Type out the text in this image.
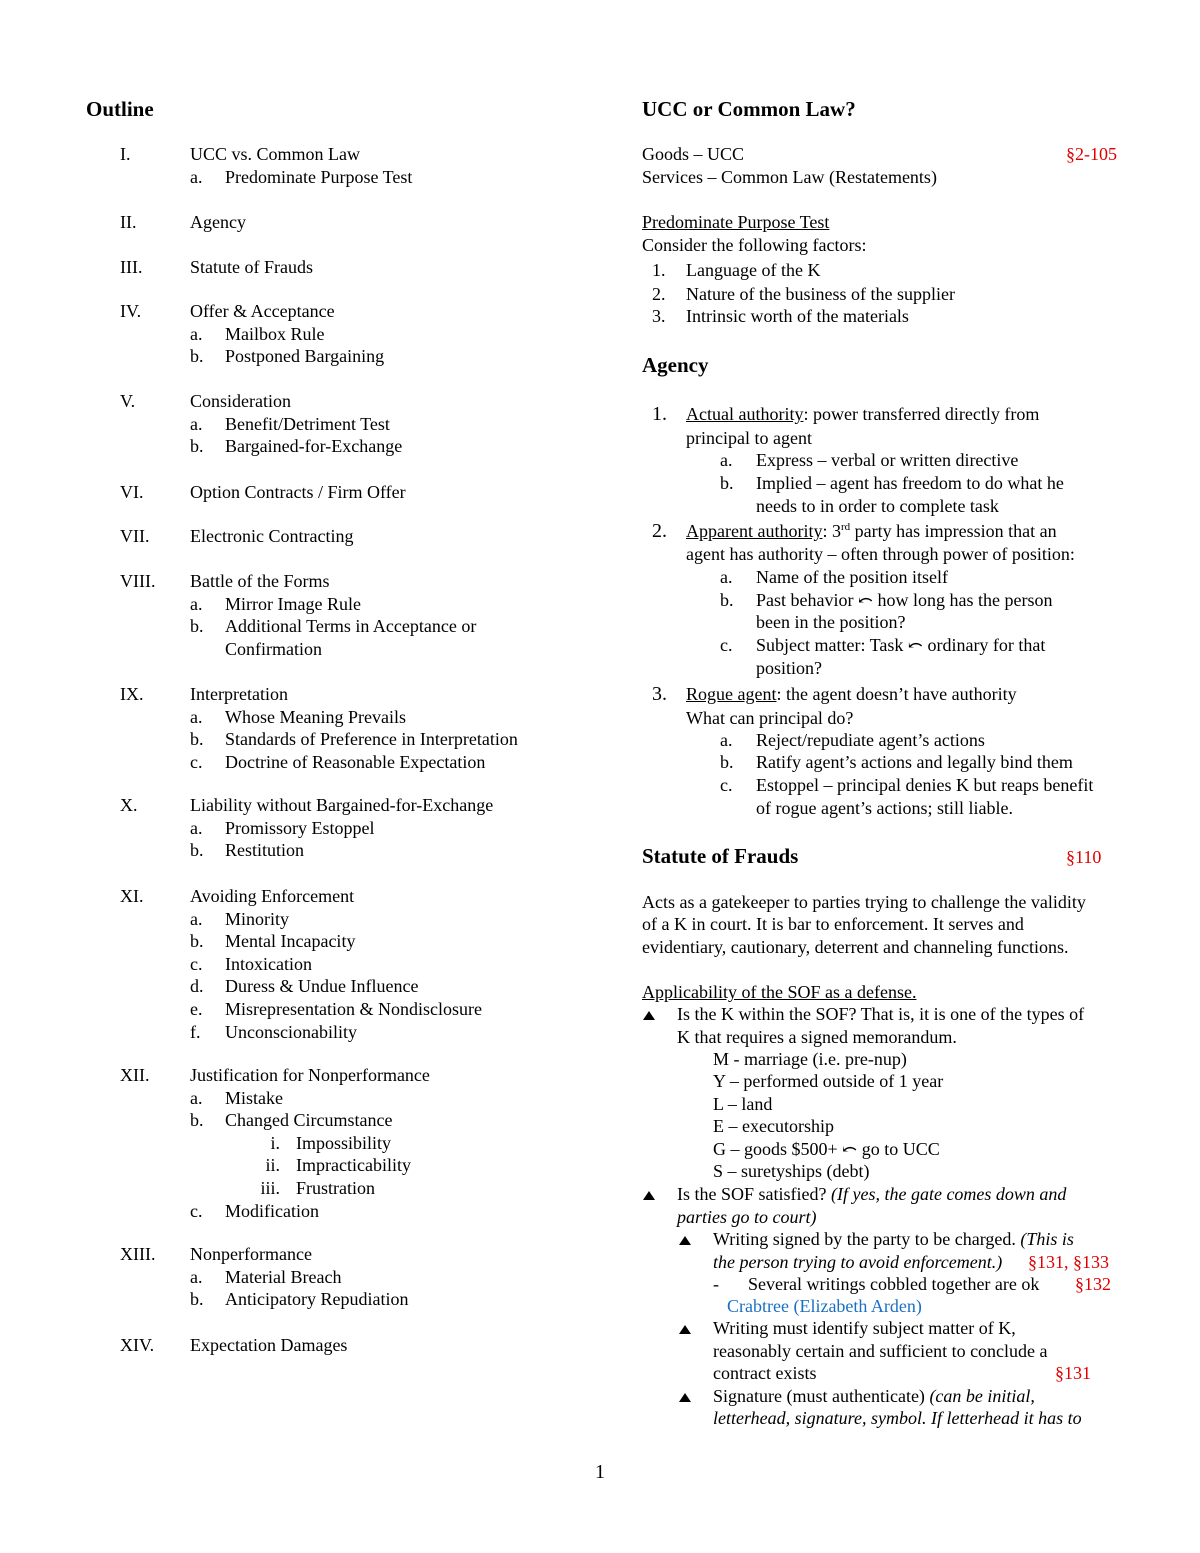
Outline
I.	UCC vs. Common Law
a. Predominate Purpose Test
II.	Agency
III.	Statute of Frauds
IV.	Offer & Acceptance
a. Mailbox Rule
b. Postponed Bargaining
V.	Consideration
a. Benefit/Detriment Test
b. Bargained-for-Exchange
VI.	Option Contracts / Firm Offer
VII. Electronic Contracting
VIII. Battle of the Forms
a. Mirror Image Rule
b. Additional Terms in Acceptance or
Confirmation
IX.	Interpretation
a. Whose Meaning Prevails
b. Standards of Preference in Interpretation
c. Doctrine of Reasonable Expectation
X.	Liability without Bargained-for-Exchange
a. Promissory Estoppel
b. Restitution
XI.	Avoiding Enforcement
a. Minority
b. Mental Incapacity
c. Intoxication
d. Duress & Undue Influence
e. Misrepresentation & Nondisclosure
f. Unconscionability
XII. Justification for Nonperformance
a. Mistake
b. Changed Circumstance
i. Impossibility
ii. Impracticability
iii. Frustration
c. Modification
XIII. Nonperformance
a. Material Breach
b. Anticipatory Repudiation
XIV. Expectation Damages
UCC or Common Law?
Goods – UCC	§2-105
Services – Common Law (Restatements)
Predominate Purpose Test
Consider the following factors:
1. Language of the K
2. Nature of the business of the supplier
3. Intrinsic worth of the materials
Agency
1. Actual authority: power transferred directly from
principal to agent
a. Express – verbal or written directive
b. Implied – agent has freedom to do what he
needs to in order to complete task
2. Apparent authority: 3rd party has impression that an
agent has authority – often through power of position:
a. Name of the position itself
b. Past behavior ⤺ how long has the person
been in the position?
c. Subject matter: Task ⤺ ordinary for that
position?
3. Rogue agent: the agent doesn’t have authority
What can principal do?
a. Reject/repudiate agent’s actions
b. Ratify agent’s actions and legally bind them
c. Estoppel – principal denies K but reaps benefit
of rogue agent’s actions; still liable.
Statute of Frauds	§110
Acts as a gatekeeper to parties trying to challenge the validity
of a K in court. It is bar to enforcement. It serves and
evidentiary, cautionary, deterrent and channeling functions.
Applicability of the SOF as a defense.
Is the K within the SOF? That is, it is one of the types of
K that requires a signed memorandum.
M - marriage (i.e. pre-nup)
Y – performed outside of 1 year
L – land
E – executorship
G – goods $500+ ⤺ go to UCC
S – suretyships (debt)
Is the SOF satisfied? (If yes, the gate comes down and
parties go to court)
Writing signed by the party to be charged. (This is
the person trying to avoid enforcement.) §131, §133
- Several writings cobbled together are ok §132
Crabtree (Elizabeth Arden)
Writing must identify subject matter of K,
reasonably certain and sufficient to conclude a
contract exists	§131
Signature (must authenticate) (can be initial,
letterhead, signature, symbol. If letterhead it has to
1
